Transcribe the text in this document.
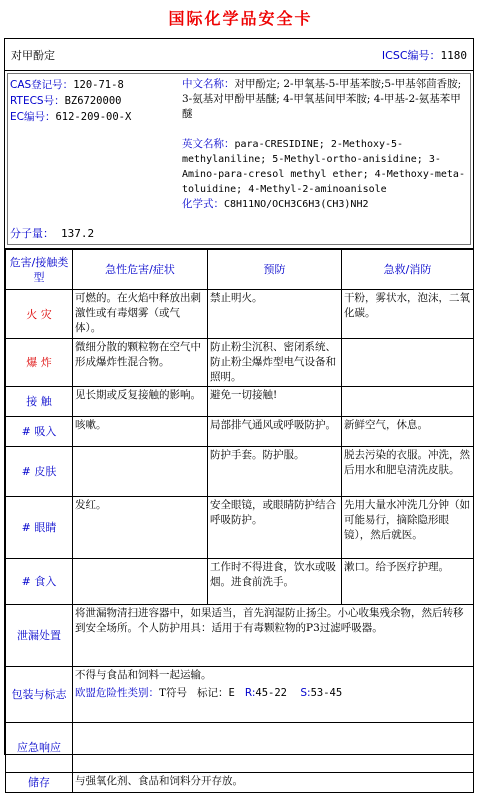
国际化学品安全卡
对甲酚定	ICSC编号：1180
CAS登记号：120-71-8
RTECS号：BZ6720000
EC编号：612-209-00-X
分子量： 137.2

中文名称：对甲酚定; 2-甲氧基-5-甲基苯胺;5-甲基邻茴香胺; 3-氨基对甲酚甲基醚; 4-甲氧基间甲苯胺; 4-甲基-2-氨基苯甲醚

英文名称：para-CRESIDINE; 2-Methoxy-5-methylaniline; 5-Methyl-ortho-anisidine; 3-Amino-para-cresol methyl ether; 4-Methoxy-meta-toluidine; 4-Methyl-2-aminoanisole

化学式：C8H11NO/OCH3C6H3(CH3)NH2

危害/接触类型	急性危害/症状	预防	急救/消防
火 灾	可燃的。在火焰中释放出刺激性或有毒烟雾（或气体）。	禁止明火。	干粉，雾状水，泡沫，二氧化碳。
爆 炸	微细分散的颗粒物在空气中形成爆炸性混合物。	防止粉尘沉积、密闭系统、防止粉尘爆炸型电气设备和照明。	
接 触	见长期或反复接触的影响。	避免一切接触!	
# 吸入	咳嗽。	局部排气通风或呼吸防护。	新鲜空气，休息。
# 皮肤		防护手套。防护服。	脱去污染的衣服。冲洗，然后用水和肥皂清洗皮肤。
# 眼睛	发红。	安全眼镜，或眼睛防护结合呼吸防护。	先用大量水冲洗几分钟（如可能易行，摘除隐形眼镜），然后就医。
# 食入		工作时不得进食，饮水或吸烟。进食前洗手。	漱口。给予医疗护理。
泄漏处置	将泄漏物清扫进容器中，如果适当，首先润湿防止扬尘。小心收集残余物，然后转移到安全场所。个人防护用具：适用于有毒颗粒物的P3过滤呼吸器。		
包装与标志	不得与食品和饲料一起运输。
欧盟危险性类别：T符号 标记：E R:45-22 S:53-45		

应急响应			
储存	与强氧化剂、食品和饲料分开存放。		
